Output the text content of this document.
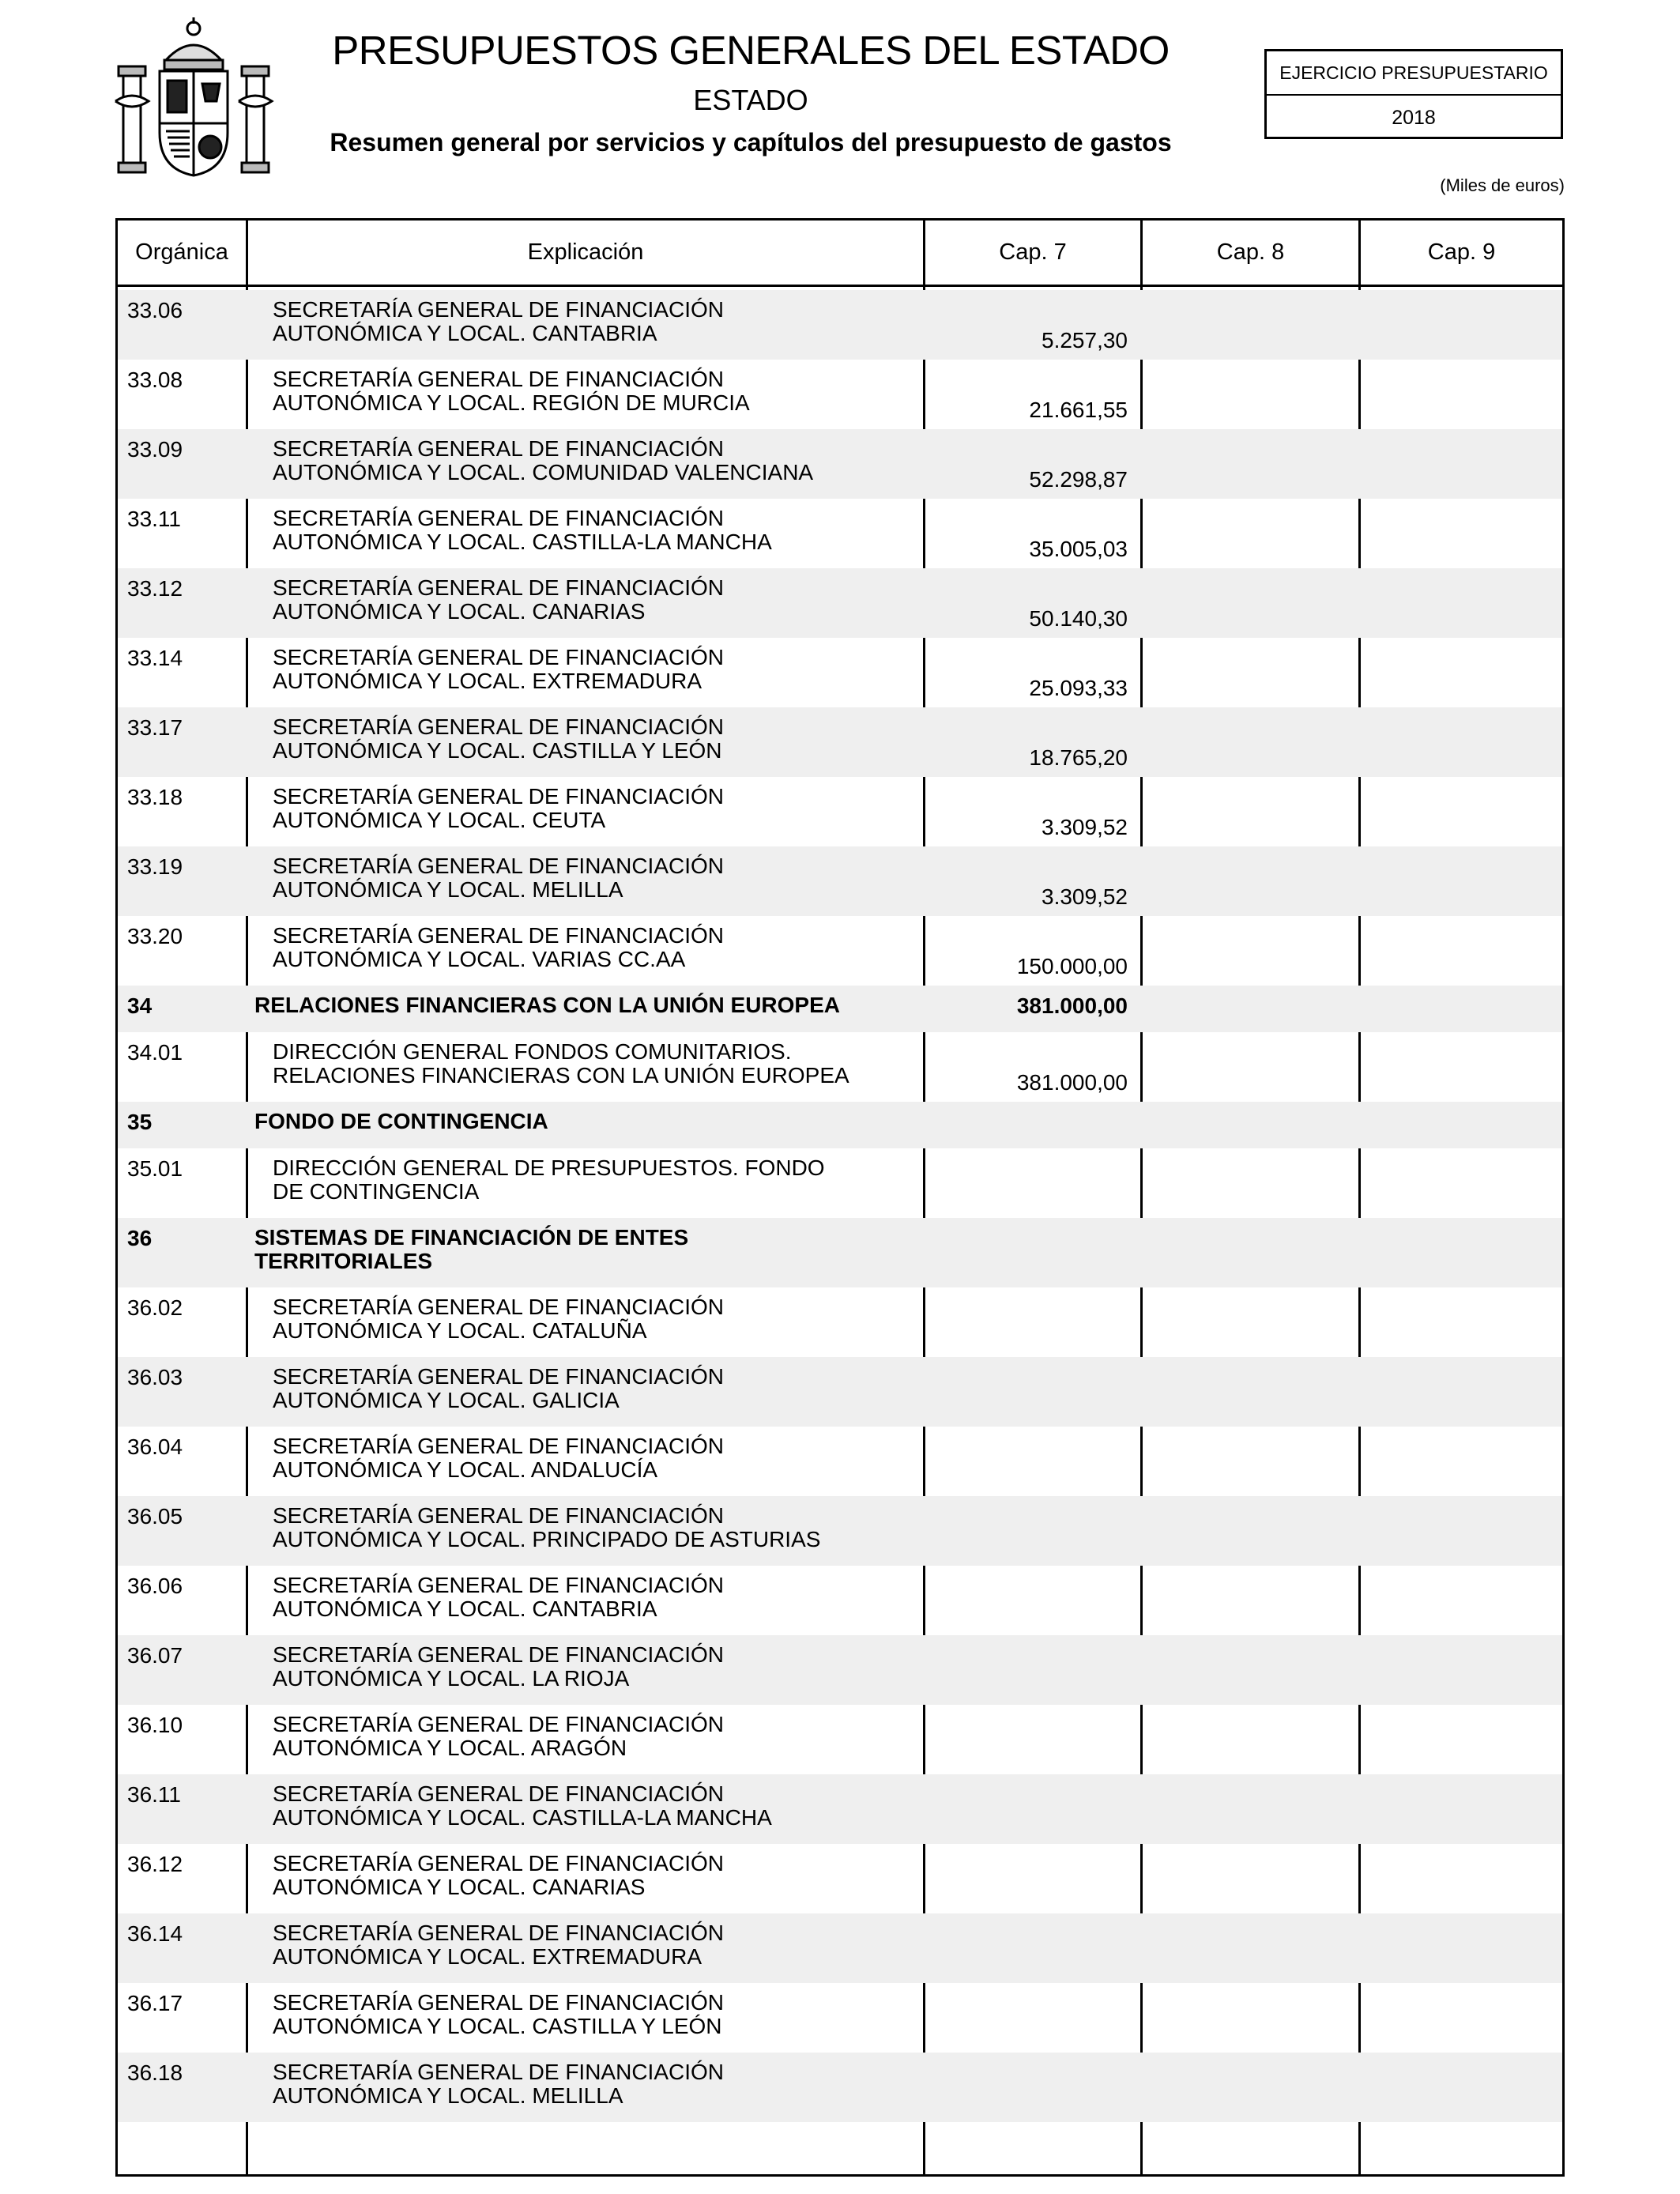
PRESUPUESTOS GENERALES DEL ESTADO
ESTADO
Resumen general por servicios y capítulos del presupuesto de gastos
EJERCICIO PRESUPUESTARIO
2018
(Miles de euros)
Orgánica	Explicación	Cap. 7	Cap. 8	Cap. 9
33.06	SECRETARÍA GENERAL DE FINANCIACIÓN
AUTONÓMICA Y LOCAL. CANTABRIA	5.257,30
33.08	SECRETARÍA GENERAL DE FINANCIACIÓN
AUTONÓMICA Y LOCAL. REGIÓN DE MURCIA	21.661,55
33.09	SECRETARÍA GENERAL DE FINANCIACIÓN
AUTONÓMICA Y LOCAL. COMUNIDAD VALENCIANA	52.298,87
33.11	SECRETARÍA GENERAL DE FINANCIACIÓN
AUTONÓMICA Y LOCAL. CASTILLA-LA MANCHA	35.005,03
33.12	SECRETARÍA GENERAL DE FINANCIACIÓN
AUTONÓMICA Y LOCAL. CANARIAS	50.140,30
33.14	SECRETARÍA GENERAL DE FINANCIACIÓN
AUTONÓMICA Y LOCAL. EXTREMADURA	25.093,33
33.17	SECRETARÍA GENERAL DE FINANCIACIÓN
AUTONÓMICA Y LOCAL. CASTILLA Y LEÓN	18.765,20
33.18	SECRETARÍA GENERAL DE FINANCIACIÓN
AUTONÓMICA Y LOCAL. CEUTA	3.309,52
33.19	SECRETARÍA GENERAL DE FINANCIACIÓN
AUTONÓMICA Y LOCAL. MELILLA	3.309,52
33.20	SECRETARÍA GENERAL DE FINANCIACIÓN
AUTONÓMICA Y LOCAL. VARIAS CC.AA	150.000,00
34	RELACIONES FINANCIERAS CON LA UNIÓN EUROPEA	381.000,00
34.01	DIRECCIÓN GENERAL FONDOS COMUNITARIOS.
RELACIONES FINANCIERAS CON LA UNIÓN EUROPEA	381.000,00
35	FONDO DE CONTINGENCIA
35.01	DIRECCIÓN GENERAL DE PRESUPUESTOS. FONDO
DE CONTINGENCIA
36	SISTEMAS DE FINANCIACIÓN DE ENTES
TERRITORIALES
36.02	SECRETARÍA GENERAL DE FINANCIACIÓN
AUTONÓMICA Y LOCAL. CATALUÑA
36.03	SECRETARÍA GENERAL DE FINANCIACIÓN
AUTONÓMICA Y LOCAL. GALICIA
36.04	SECRETARÍA GENERAL DE FINANCIACIÓN
AUTONÓMICA Y LOCAL. ANDALUCÍA
36.05	SECRETARÍA GENERAL DE FINANCIACIÓN
AUTONÓMICA Y LOCAL. PRINCIPADO DE ASTURIAS
36.06	SECRETARÍA GENERAL DE FINANCIACIÓN
AUTONÓMICA Y LOCAL. CANTABRIA
36.07	SECRETARÍA GENERAL DE FINANCIACIÓN
AUTONÓMICA Y LOCAL. LA RIOJA
36.10	SECRETARÍA GENERAL DE FINANCIACIÓN
AUTONÓMICA Y LOCAL. ARAGÓN
36.11	SECRETARÍA GENERAL DE FINANCIACIÓN
AUTONÓMICA Y LOCAL. CASTILLA-LA MANCHA
36.12	SECRETARÍA GENERAL DE FINANCIACIÓN
AUTONÓMICA Y LOCAL. CANARIAS
36.14	SECRETARÍA GENERAL DE FINANCIACIÓN
AUTONÓMICA Y LOCAL. EXTREMADURA
36.17	SECRETARÍA GENERAL DE FINANCIACIÓN
AUTONÓMICA Y LOCAL. CASTILLA Y LEÓN
36.18	SECRETARÍA GENERAL DE FINANCIACIÓN
AUTONÓMICA Y LOCAL. MELILLA
